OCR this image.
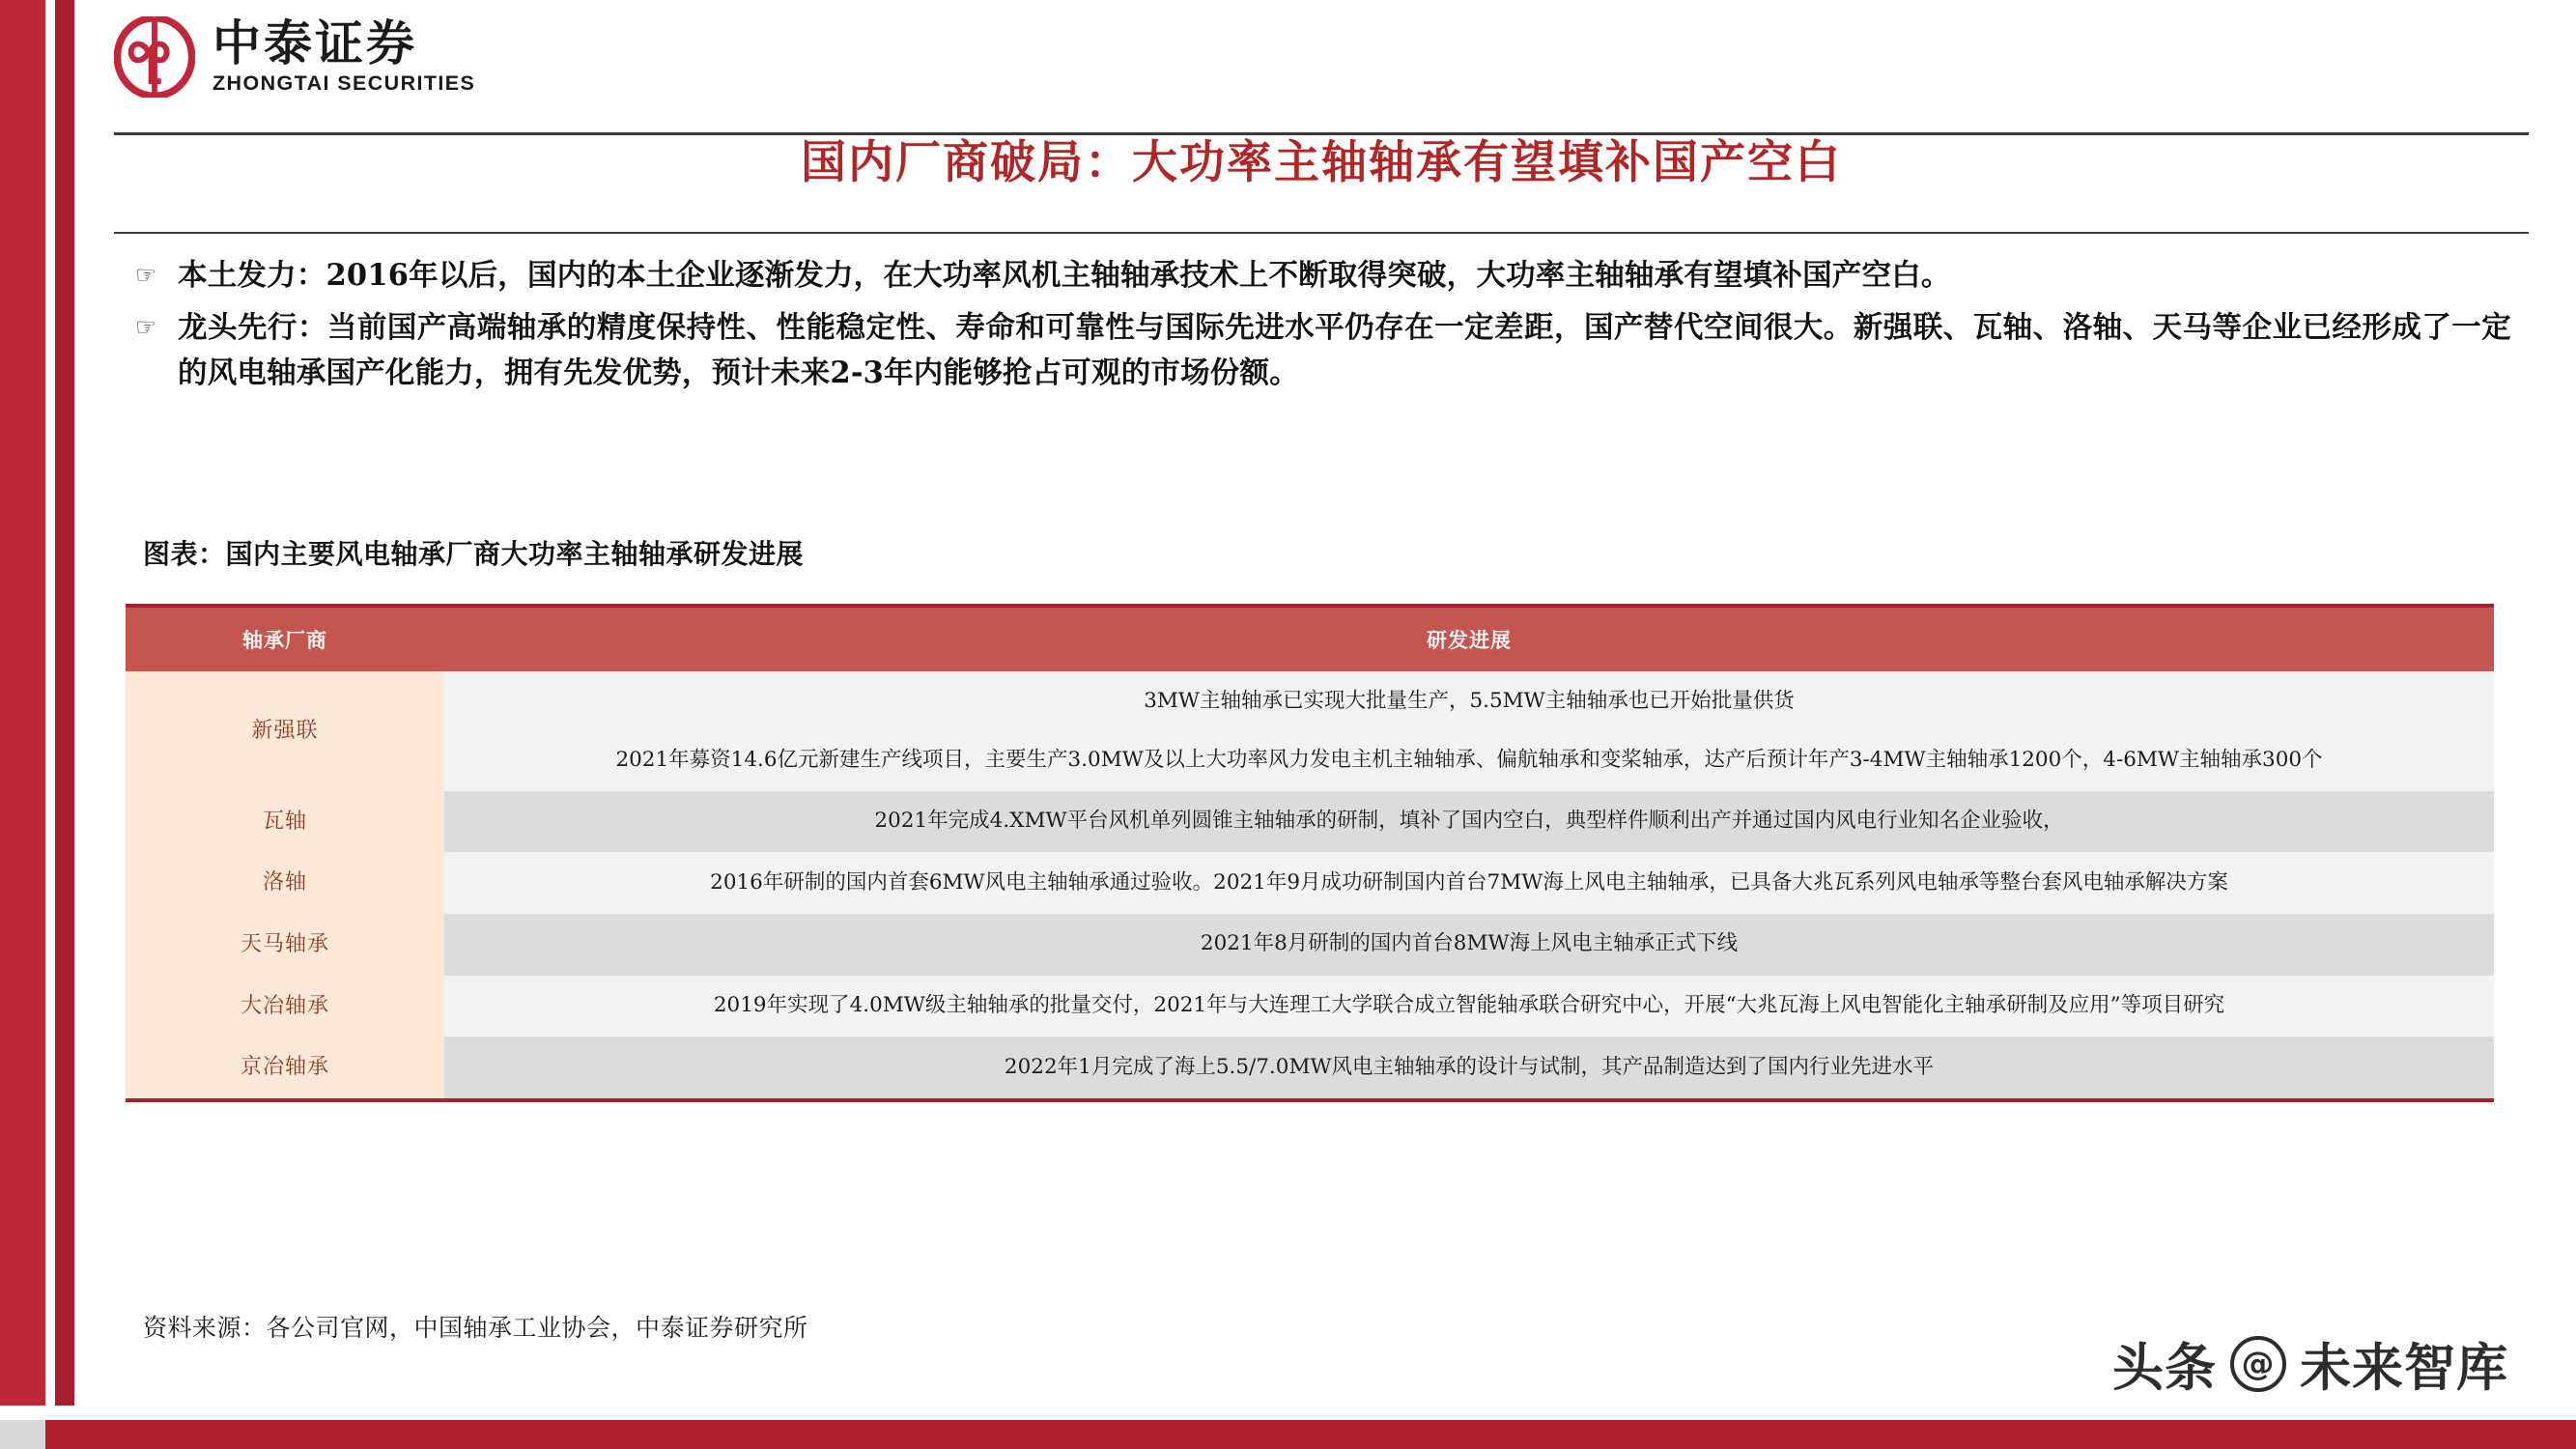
中泰证券
ZHONGTAI SECURITIES
国内厂商破局：大功率主轴轴承有望填补国产空白
☞ 本土发力：2016年以后，国内的本土企业逐渐发力，在大功率风机主轴轴承技术上不断取得突破，大功率主轴轴承有望填补国产空白。
☞ 龙头先行：当前国产高端轴承的精度保持性、性能稳定性、寿命和可靠性与国际先进水平仍存在一定差距，国产替代空间很大。新强联、瓦轴、洛轴、天马等企业已经形成了一定的风电轴承国产化能力，拥有先发优势，预计未来2-3年内能够抢占可观的市场份额。
图表：国内主要风电轴承厂商大功率主轴轴承研发进展
轴承厂商	研发进展
新强联	3MW主轴轴承已实现大批量生产，5.5MW主轴轴承也已开始批量供货
2021年募资14.6亿元新建生产线项目，主要生产3.0MW及以上大功率风力发电主机主轴轴承、偏航轴承和变桨轴承，达产后预计年产3-4MW主轴轴承1200个，4-6MW主轴轴承300个

瓦轴	2021年完成4.XMW平台风机单列圆锥主轴轴承的研制，填补了国内空白，典型样件顺利出产并通过国内风电行业知名企业验收，

洛轴	2016年研制的国内首套6MW风电主轴轴承通过验收。2021年9月成功研制国内首台7MW海上风电主轴轴承，已具备大兆瓦系列风电轴承等整台套风电轴承解决方案

天马轴承	2021年8月研制的国内首台8MW海上风电主轴承正式下线

大冶轴承	2019年实现了4.0MW级主轴轴承的批量交付，2021年与大连理工大学联合成立智能轴承联合研究中心，开展“大兆瓦海上风电智能化主轴承研制及应用”等项目研究

京冶轴承	2022年1月完成了海上5.5/7.0MW风电主轴轴承的设计与试制，其产品制造达到了国内行业先进水平
资料来源：各公司官网，中国轴承工业协会，中泰证券研究所
头条 @ 未来智库
